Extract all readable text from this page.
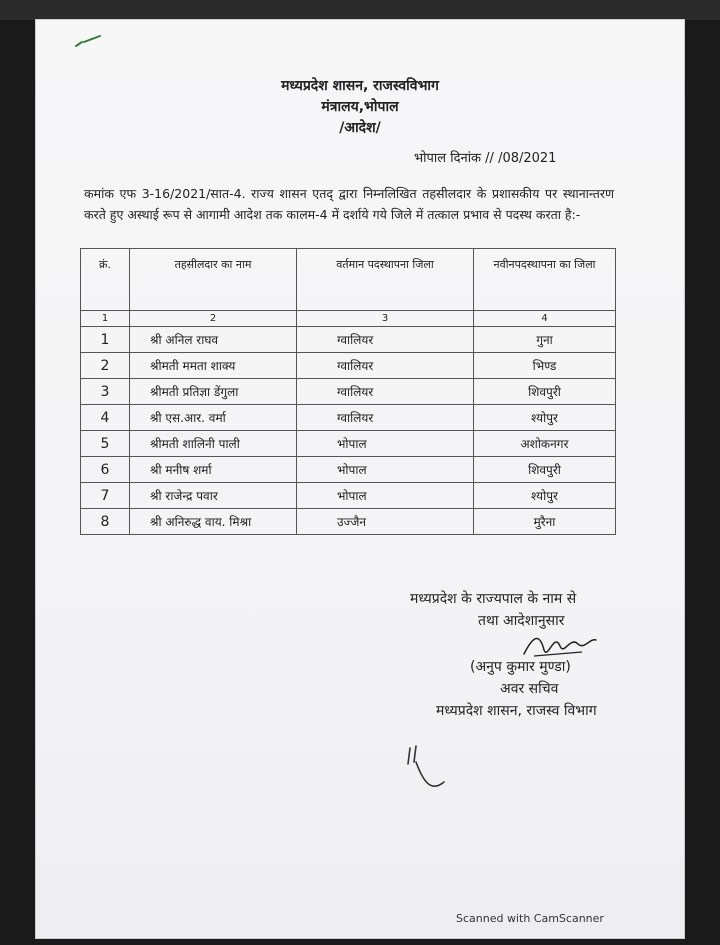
मध्यप्रदेश शासन, राजस्वविभाग
मंत्रालय,भोपाल
/आदेश/
भोपाल दिनांक // /08/2021
कमांक एफ 3-16/2021/सात-4. राज्य शासन एतद् द्वारा निम्नलिखित तहसीलदार के प्रशासकीय पर स्थानान्तरण करते हुए अस्थाई रूप से आगामी आदेश तक कालम-4 में दर्शाये गये जिले में तत्काल प्रभाव से पदस्थ करता है:-
क्रं.	तहसीलदार का नाम	वर्तमान पदस्थापना जिला	नवीनपदस्थापना का जिला
1	2	3	4
1	श्री अनिल राघव	ग्वालियर	गुना
2	श्रीमती ममता शाक्य	ग्वालियर	भिण्ड
3	श्रीमती प्रतिज्ञा डेंगुला	ग्वालियर	शिवपुरी
4	श्री एस.आर. वर्मा	ग्वालियर	श्योपुर
5	श्रीमती शालिनी पाली	भोपाल	अशोकनगर
6	श्री मनीष शर्मा	भोपाल	शिवपुरी
7	श्री राजेन्द्र पवार	भोपाल	श्योपुर
8	श्री अनिरुद्ध वाय. मिश्रा	उज्जैन	मुरैना
मध्यप्रदेश के राज्यपाल के नाम से
तथा आदेशानुसार
(अनुप कुमार मुण्डा)
अवर सचिव
मध्यप्रदेश शासन, राजस्व विभाग
Scanned with CamScanner
